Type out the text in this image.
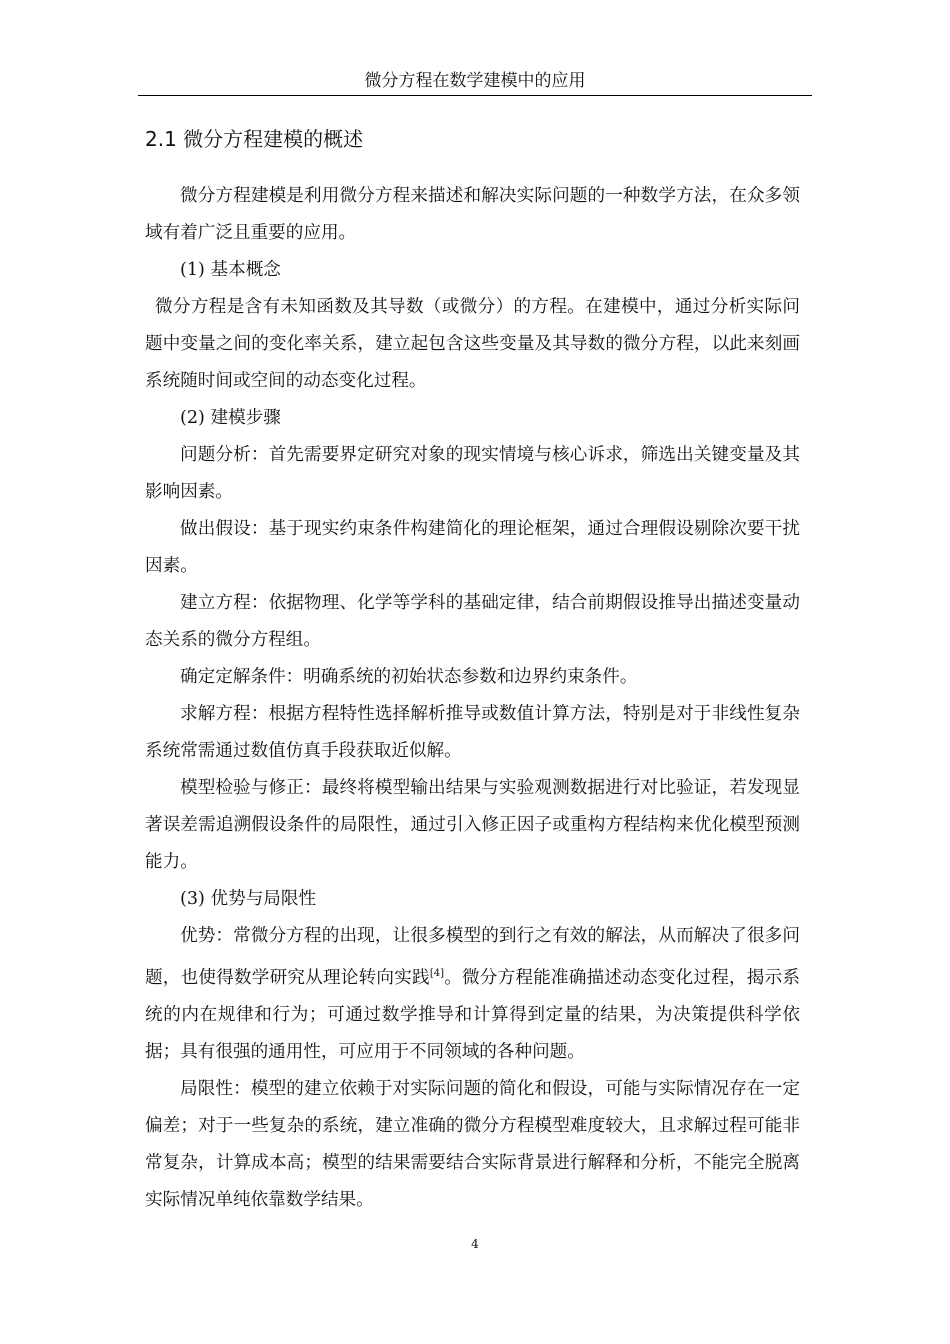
微分方程在数学建模中的应用
2.1 微分方程建模的概述

微分方程建模是利用微分方程来描述和解决实际问题的一种数学方法，在众多领域有着广泛且重要的应用。

(1) 基本概念

微分方程是含有未知函数及其导数（或微分）的方程。在建模中，通过分析实际问题中变量之间的变化率关系，建立起包含这些变量及其导数的微分方程，以此来刻画系统随时间或空间的动态变化过程。

(2) 建模步骤

问题分析：首先需要界定研究对象的现实情境与核心诉求，筛选出关键变量及其影响因素。

做出假设：基于现实约束条件构建简化的理论框架，通过合理假设剔除次要干扰因素。

建立方程：依据物理、化学等学科的基础定律，结合前期假设推导出描述变量动态关系的微分方程组。

确定定解条件：明确系统的初始状态参数和边界约束条件。

求解方程：根据方程特性选择解析推导或数值计算方法，特别是对于非线性复杂系统常需通过数值仿真手段获取近似解。

模型检验与修正：最终将模型输出结果与实验观测数据进行对比验证，若发现显著误差需追溯假设条件的局限性，通过引入修正因子或重构方程结构来优化模型预测能力。

(3) 优势与局限性

优势：常微分方程的出现，让很多模型的到行之有效的解法，从而解决了很多问题，也使得数学研究从理论转向实践[4]。微分方程能准确描述动态变化过程，揭示系统的内在规律和行为；可通过数学推导和计算得到定量的结果，为决策提供科学依据；具有很强的通用性，可应用于不同领域的各种问题。

局限性：模型的建立依赖于对实际问题的简化和假设，可能与实际情况存在一定偏差；对于一些复杂的系统，建立准确的微分方程模型难度较大，且求解过程可能非常复杂，计算成本高；模型的结果需要结合实际背景进行解释和分析，不能完全脱离实际情况单纯依靠数学结果。

4
